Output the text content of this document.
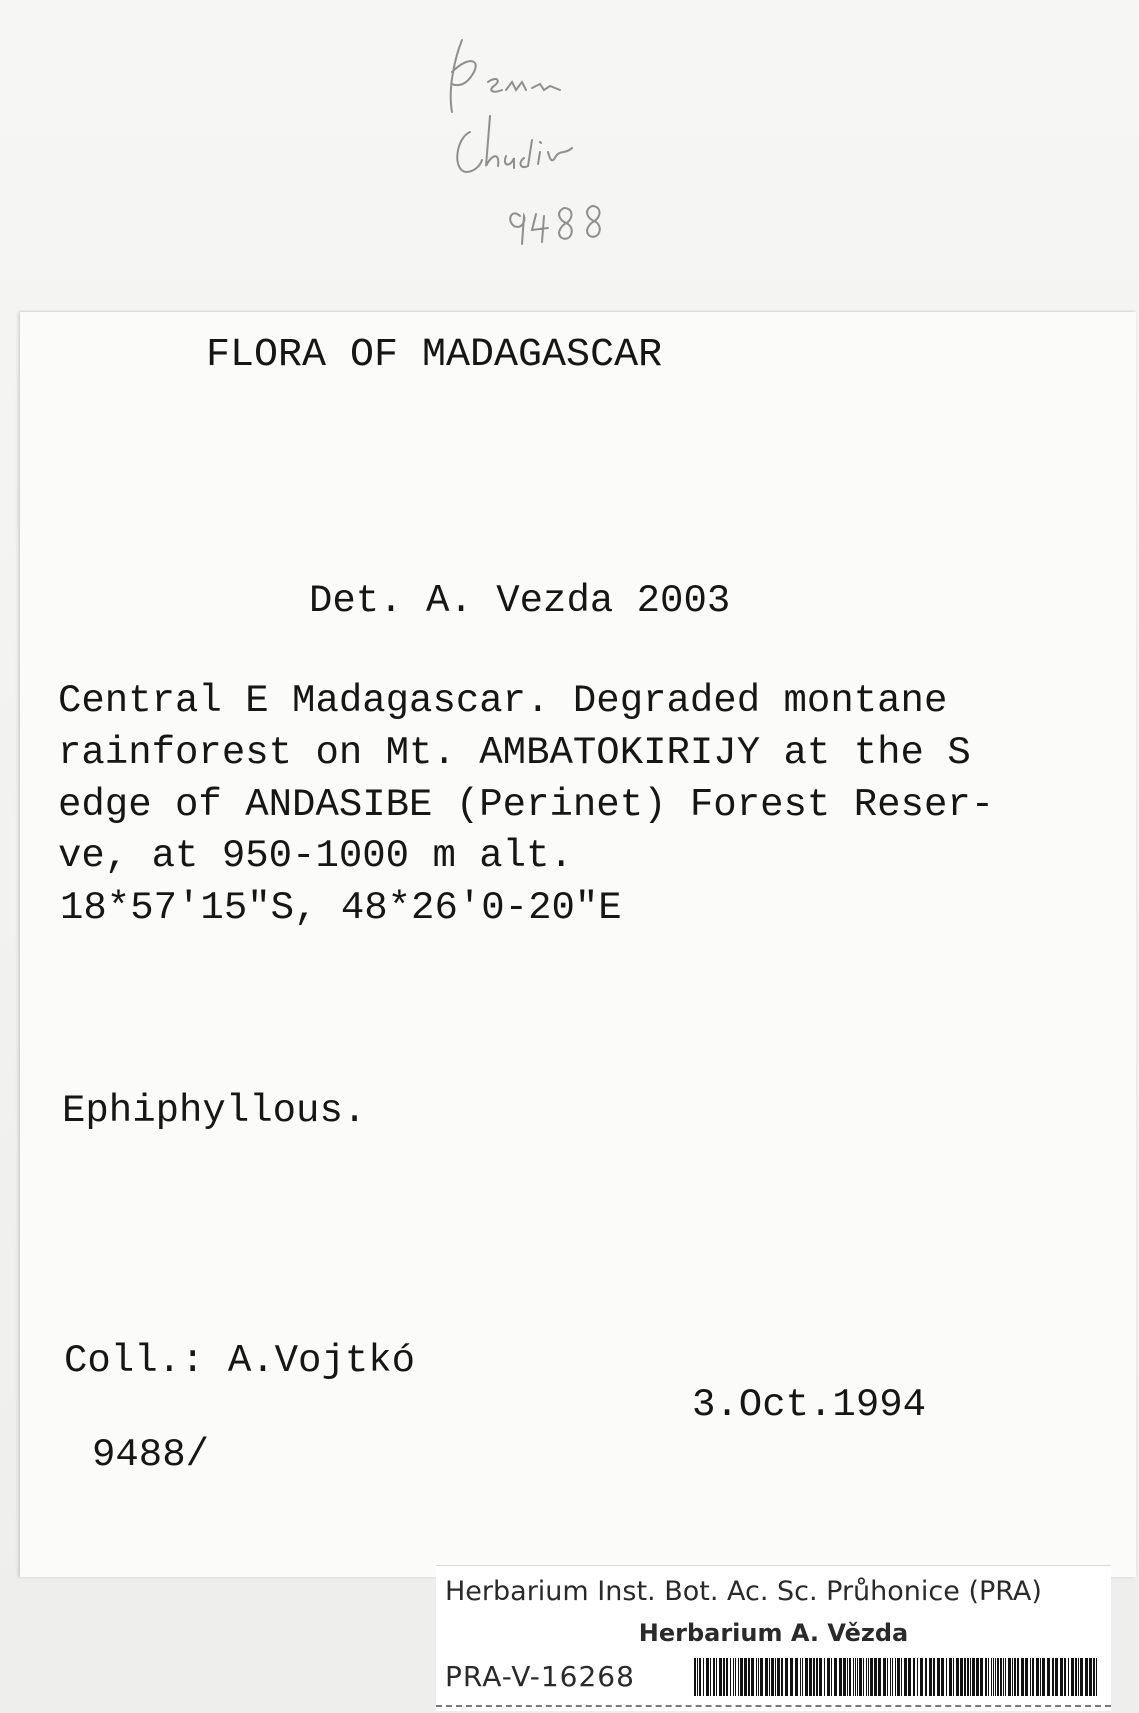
FLORA OF MADAGASCAR
Det. A. Vezda 2003
Central E Madagascar. Degraded montane
rainforest on Mt. AMBATOKIRIJY at the S
edge of ANDASIBE (Perinet) Forest Reser-
ve, at 950-1000 m alt.
18*57'15"S, 48*26'0-20"E
Ephiphyllous.
Coll.: A.Vojtkó
3.Oct.1994
9488/
Herbarium Inst. Bot. Ac. Sc. Průhonice (PRA)
Herbarium A. Vězda
PRA-V-16268
